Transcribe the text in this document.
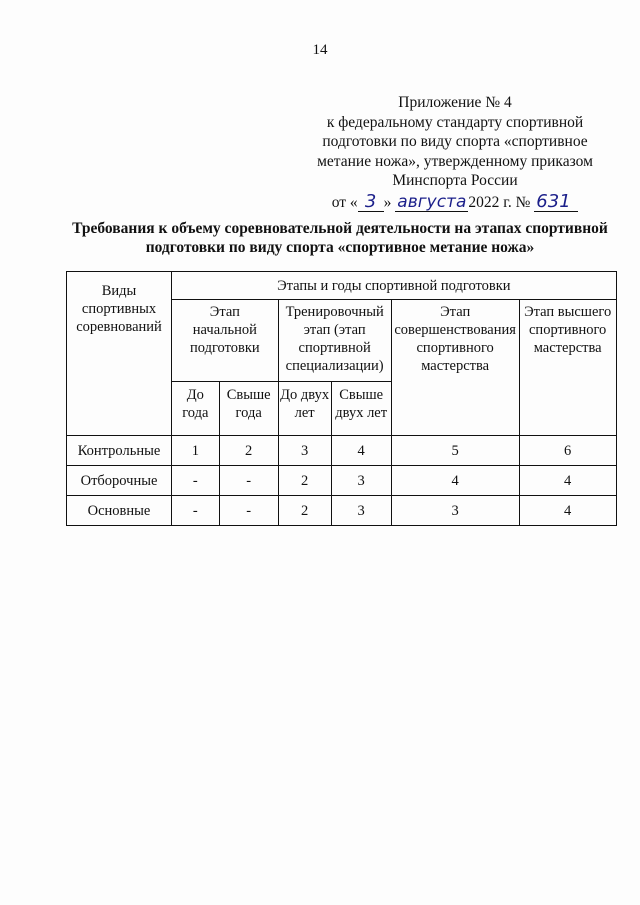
14
Приложение № 4
к федеральному стандарту спортивной
подготовки по виду спорта «спортивное
метание ножа», утвержденному приказом
Минспорта России
от « 3 » августа 2022 г. № 631
Требования к объему соревновательной деятельности на этапах спортивной
подготовки по виду спорта «спортивное метание ножа»
Виды спортивных соревнований	Этапы и годы спортивной подготовки					
	Этап начальной подготовки		Тренировочный этап (этап спортивной специализации)		Этап совершенствования спортивного мастерства	Этап высшего спортивного мастерства
	До года	Свыше года	До двух лет	Свыше двух лет		
Контрольные	1	2	3	4	5	6
Отборочные	-	-	2	3	4	4
Основные	-	-	2	3	3	4
